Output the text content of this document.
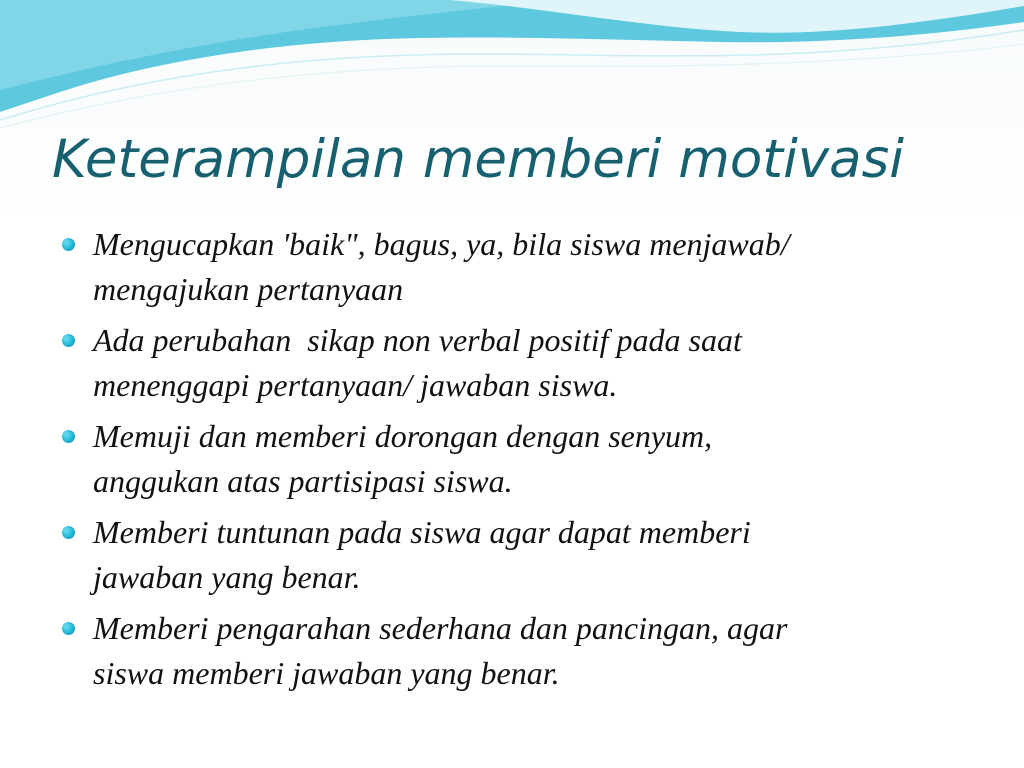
Keterampilan memberi motivasi
Mengucapkan 'baik", bagus, ya, bila siswa menjawab/
mengajukan pertanyaan
Ada perubahan  sikap non verbal positif pada saat
menenggapi pertanyaan/ jawaban siswa.
Memuji dan memberi dorongan dengan senyum,
anggukan atas partisipasi siswa.
Memberi tuntunan pada siswa agar dapat memberi
jawaban yang benar.
Memberi pengarahan sederhana dan pancingan, agar
siswa memberi jawaban yang benar.
